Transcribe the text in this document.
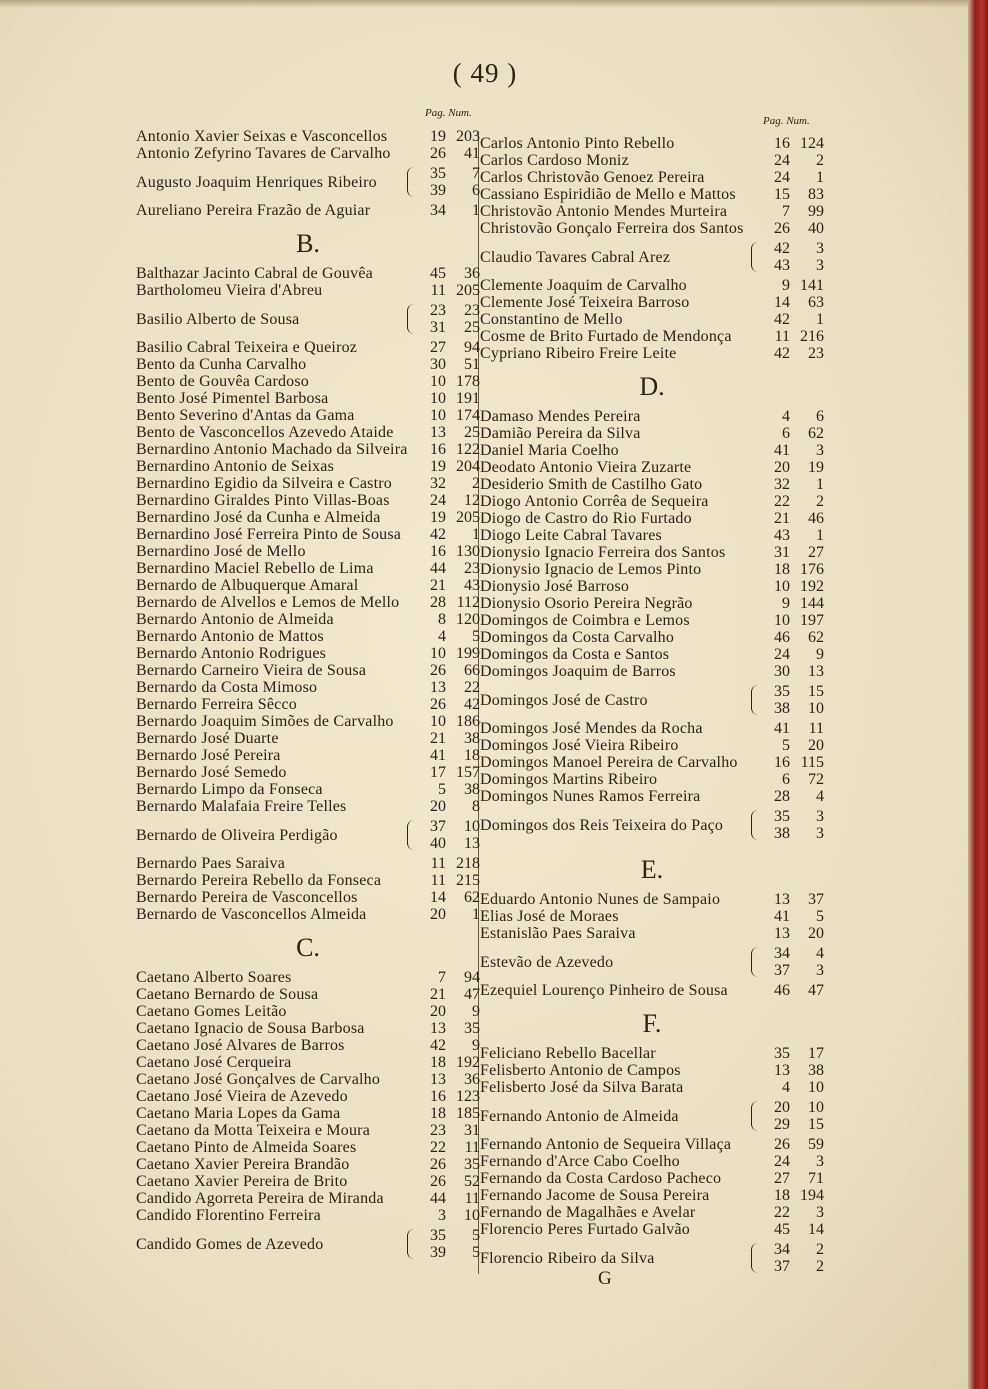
( 49 )
Pag. Num.
Pag. Num.
Antonio Xavier Seixas e Vasconcellos	19 203
Antonio Zefyrino Tavares de Carvalho	26	41
Augusto Joaquim Henriques Ribeiro	35	7
39	6
Aureliano Pereira Frazão de Aguiar	34	1
B.
Balthazar Jacinto Cabral de Gouvêa	45	36
Bartholomeu Vieira d'Abreu	11 205
Basilio Alberto de Sousa	23	23
31	25
Basilio Cabral Teixeira e Queiroz	27	94
Bento da Cunha Carvalho	30	51
Bento de Gouvêa Cardoso	10 178
Bento José Pimentel Barbosa	10 191
Bento Severino d'Antas da Gama	10 174
Bento de Vasconcellos Azevedo Ataide	13	25
Bernardino Antonio Machado da Silveira	16 122
Bernardino Antonio de Seixas	19 204
Bernardino Egidio da Silveira e Castro	32	2
Bernardino Giraldes Pinto Villas-Boas	24	12
Bernardino José da Cunha e Almeida	19 205
Bernardino José Ferreira Pinto de Sousa	42	1
Bernardino José de Mello	16 130
Bernardino Maciel Rebello de Lima	44	23
Bernardo de Albuquerque Amaral	21	43
Bernardo de Alvellos e Lemos de Mello	28 112
Bernardo Antonio de Almeida	8 120
Bernardo Antonio de Mattos	4	5
Bernardo Antonio Rodrigues	10 199
Bernardo Carneiro Vieira de Sousa	26	66
Bernardo da Costa Mimoso	13	22
Bernardo Ferreira Sêcco	26	42
Bernardo Joaquim Simões de Carvalho	10 186
Bernardo José Duarte	21	38
Bernardo José Pereira	41	18
Bernardo José Semedo	17 157
Bernardo Limpo da Fonseca	5	38
Bernardo Malafaia Freire Telles	20	8
Bernardo de Oliveira Perdigão	37	10
40	13
Bernardo Paes Saraiva	11 218
Bernardo Pereira Rebello da Fonseca	11 215
Bernardo Pereira de Vasconcellos	14	62
Bernardo de Vasconcellos Almeida	20	1
C.
Caetano Alberto Soares	7	94
Caetano Bernardo de Sousa	21	47
Caetano Gomes Leitão	20	9
Caetano Ignacio de Sousa Barbosa	13	35
Caetano José Alvares de Barros	42	9
Caetano José Cerqueira	18 192
Caetano José Gonçalves de Carvalho	13	36
Caetano José Vieira de Azevedo	16 123
Caetano Maria Lopes da Gama	18 185
Caetano da Motta Teixeira e Moura	23	31
Caetano Pinto de Almeida Soares	22	11
Caetano Xavier Pereira Brandão	26	35
Caetano Xavier Pereira de Brito	26	52
Candido Agorreta Pereira de Miranda	44	11
Candido Florentino Ferreira	3	10
Candido Gomes de Azevedo	35	5
39	5
Carlos Antonio Pinto Rebello	16 124
Carlos Cardoso Moniz	24	2
Carlos Christovão Genoez Pereira	24	1
Cassiano Espiridião de Mello e Mattos	15	83
Christovão Antonio Mendes Murteira	7	99
Christovão Gonçalo Ferreira dos Santos	26	40
Claudio Tavares Cabral Arez	42	3
43	3
Clemente Joaquim de Carvalho	9 141
Clemente José Teixeira Barroso	14	63
Constantino de Mello	42	1
Cosme de Brito Furtado de Mendonça	11 216
Cypriano Ribeiro Freire Leite	42	23
D.
Damaso Mendes Pereira	4	6
Damião Pereira da Silva	6	62
Daniel Maria Coelho	41	3
Deodato Antonio Vieira Zuzarte	20	19
Desiderio Smith de Castilho Gato	32	1
Diogo Antonio Corrêa de Sequeira	22	2
Diogo de Castro do Rio Furtado	21	46
Diogo Leite Cabral Tavares	43	1
Dionysio Ignacio Ferreira dos Santos	31	27
Dionysio Ignacio de Lemos Pinto	18 176
Dionysio José Barroso	10 192
Dionysio Osorio Pereira Negrão	9 144
Domingos de Coimbra e Lemos	10 197
Domingos da Costa Carvalho	46	62
Domingos da Costa e Santos	24	9
Domingos Joaquim de Barros	30	13
Domingos José de Castro	35	15
38	10
Domingos José Mendes da Rocha	41	11
Domingos José Vieira Ribeiro	5	20
Domingos Manoel Pereira de Carvalho	16 115
Domingos Martins Ribeiro	6	72
Domingos Nunes Ramos Ferreira	28	4
Domingos dos Reis Teixeira do Paço	35	3
38	3
E.
Eduardo Antonio Nunes de Sampaio	13	37
Elias José de Moraes	41	5
Estanislão Paes Saraiva	13	20
Estevão de Azevedo	34	4
37	3
Ezequiel Lourenço Pinheiro de Sousa	46	47
F.
Feliciano Rebello Bacellar	35	17
Felisberto Antonio de Campos	13	38
Felisberto José da Silva Barata	4	10
Fernando Antonio de Almeida	20	10
29	15
Fernando Antonio de Sequeira Villaça	26	59
Fernando d'Arce Cabo Coelho	24	3
Fernando da Costa Cardoso Pacheco	27	71
Fernando Jacome de Sousa Pereira	18 194
Fernando de Magalhães e Avelar	22	3
Florencio Peres Furtado Galvão	45	14
Florencio Ribeiro da Silva	34	2
37	2
G
